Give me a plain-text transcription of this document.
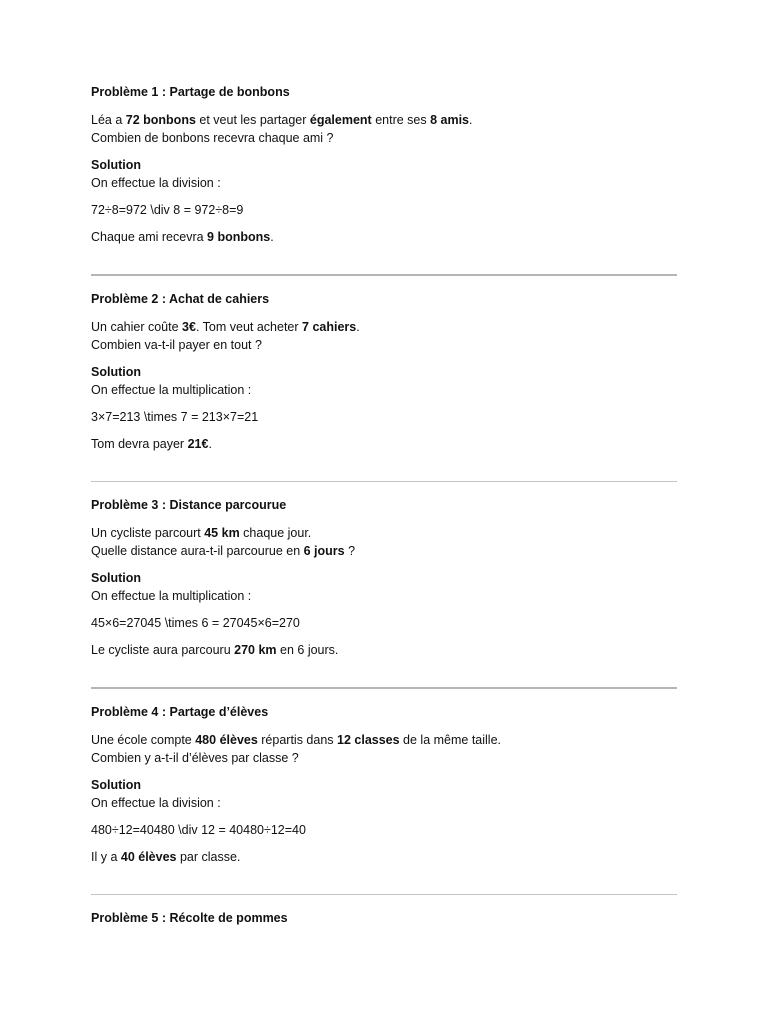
Problème 1 : Partage de bonbons

Léa a 72 bonbons et veut les partager également entre ses 8 amis.
Combien de bonbons recevra chaque ami ?

Solution

On effectue la division :

72÷8=972 \div 8 = 972÷8=9

Chaque ami recevra 9 bonbons.

Problème 2 : Achat de cahiers

Un cahier coûte 3€. Tom veut acheter 7 cahiers.
Combien va-t-il payer en tout ?

Solution

On effectue la multiplication :

3×7=213 \times 7 = 213×7=21

Tom devra payer 21€.

Problème 3 : Distance parcourue

Un cycliste parcourt 45 km chaque jour.
Quelle distance aura-t-il parcourue en 6 jours ?

Solution

On effectue la multiplication :

45×6=27045 \times 6 = 27045×6=270

Le cycliste aura parcouru 270 km en 6 jours.

Problème 4 : Partage d’élèves

Une école compte 480 élèves répartis dans 12 classes de la même taille.
Combien y a-t-il d’élèves par classe ?

Solution

On effectue la division :

480÷12=40480 \div 12 = 40480÷12=40

Il y a 40 élèves par classe.

Problème 5 : Récolte de pommes
